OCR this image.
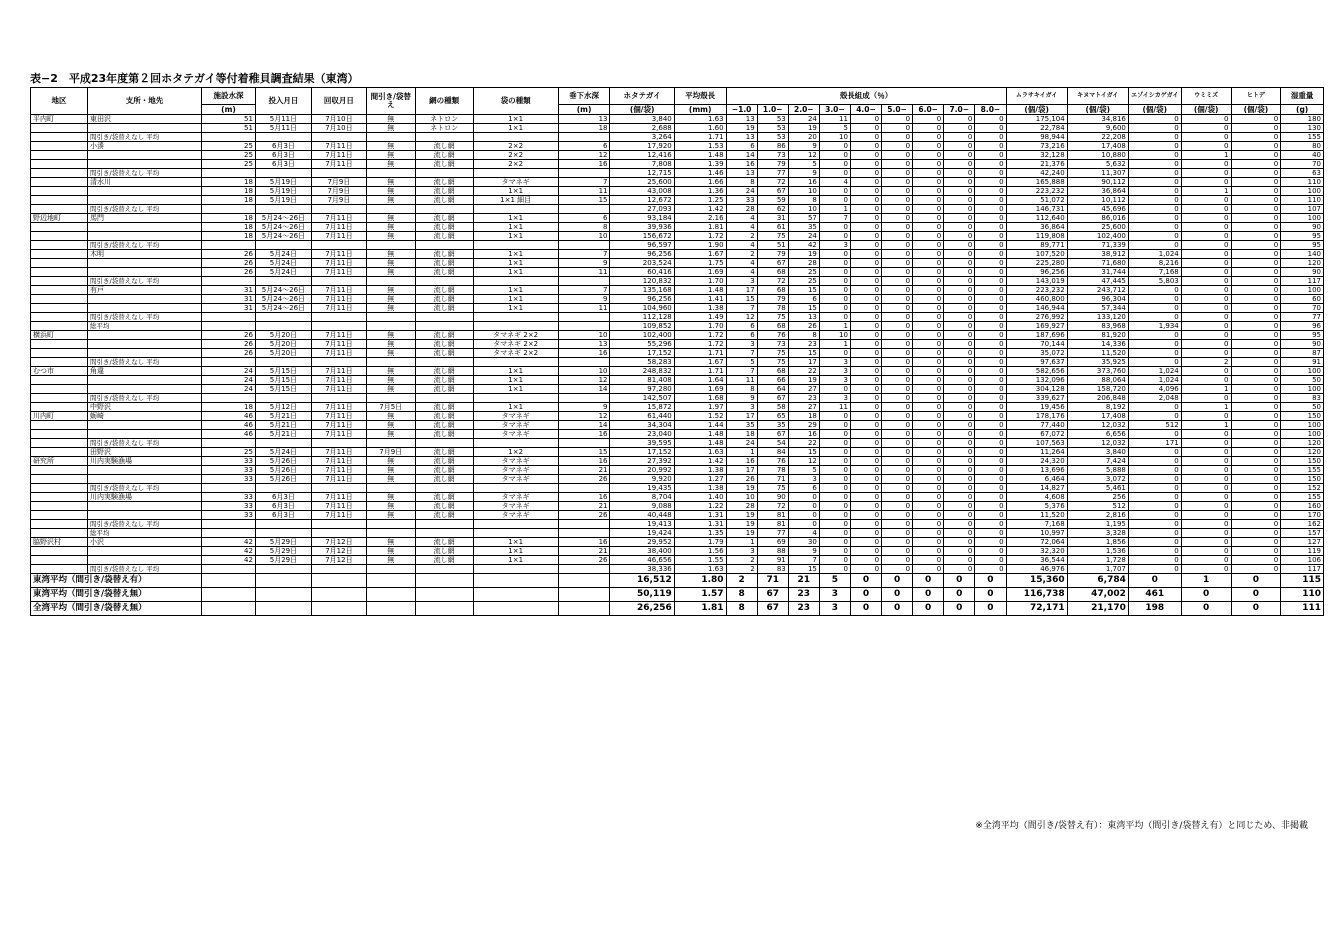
表−2　平成23年度第２回ホタテガイ等付着稚貝調査結果（東湾）
地区	支所・地先	施設水深	投入月日	回収月日	間引き/袋替え	網の種類	袋の種類	垂下水深	ホタテガイ	平均殻長	殻長組成（％）									ムラサキイガイ	キヌマトイガイ	エゾイシカゲガイ	ウミミズ	ヒトデ	湿重量
		(m)						(m)	(個/袋)	(mm)	−1.0	1.0−	2.0−	3.0−	4.0−	5.0−	6.0−	7.0−	8.0−	(個/袋)	(個/袋)	(個/袋)	(個/袋)	(個/袋)	(g)
平内町	東田沢	51	5月11日	7月10日	無	ネトロン	1×1	13	3,840	1.63	13	53	24	11	0	0	0	0	0	175,104	34,816	0	0	0	180
		51	5月11日	7月10日	無	ネトロン	1×1	18	2,688	1.60	19	53	19	5	0	0	0	0	0	22,784	9,600	0	0	0	130
	間引き/袋替えなし 平均								3,264	1.71	13	53	20	10	0	0	0	0	0	98,944	22,208	0	0	0	155
	小湊	25	6月3日	7月11日	無	流し網	2×2	6	17,920	1.53	6	86	9	0	0	0	0	0	0	73,216	17,408	0	0	0	80
		25	6月3日	7月11日	無	流し網	2×2	12	12,416	1.48	14	73	12	0	0	0	0	0	0	32,128	10,880	0	1	0	40
		25	6月3日	7月11日	無	流し網	2×2	16	7,808	1.39	16	79	5	0	0	0	0	0	0	21,376	5,632	0	0	0	70
	間引き/袋替えなし 平均								12,715	1.46	13	77	9	0	0	0	0	0	0	42,240	11,307	0	0	0	63
	清水川	18	5月19日	7月9日	無	流し網	タマネギ	7	25,600	1.66	8	72	16	4	0	0	0	0	0	165,888	90,112	0	0	0	110
		18	5月19日	7月9日	無	流し網	1×1	11	43,008	1.36	24	67	10	0	0	0	0	0	0	223,232	36,864	0	1	0	100
		18	5月19日	7月9日	無	流し網	1×1 細目	15	12,672	1.25	33	59	8	0	0	0	0	0	0	51,072	10,112	0	0	0	110
	間引き/袋替えなし 平均								27,093	1.42	28	62	10	1	0	0	0	0	0	146,731	45,696	0	0	0	107
野辺地町	馬門	18	5月24〜26日	7月11日	無	流し網	1×1	6	93,184	2.16	4	31	57	7	0	0	0	0	0	112,640	86,016	0	0	0	100
		18	5月24〜26日	7月11日	無	流し網	1×1	8	39,936	1.81	4	61	35	0	0	0	0	0	0	36,864	25,600	0	0	0	90
		18	5月24〜26日	7月11日	無	流し網	1×1	10	156,672	1.72	2	75	24	0	0	0	0	0	0	119,808	102,400	0	0	0	95
	間引き/袋替えなし 平均								96,597	1.90	4	51	42	3	0	0	0	0	0	89,771	71,339	0	0	0	95
	木明	26	5月24日	7月11日	無	流し網	1×1	7	96,256	1.67	2	79	19	0	0	0	0	0	0	107,520	38,912	1,024	0	0	140
		26	5月24日	7月11日	無	流し網	1×1	9	203,524	1.75	4	67	28	0	0	0	0	0	0	225,280	71,680	8,216	0	0	120
		26	5月24日	7月11日	無	流し網	1×1	11	60,416	1.69	4	68	25	0	0	0	0	0	0	96,256	31,744	7,168	0	0	90
	間引き/袋替えなし 平均								120,832	1.70	3	72	25	0	0	0	0	0	0	143,019	47,445	5,803	0	0	117
	有戸	31	5月24〜26日	7月11日	無	流し網	1×1	7	135,168	1.48	17	68	15	0	0	0	0	0	0	223,232	243,712	0	0	0	100
		31	5月24〜26日	7月11日	無	流し網	1×1	9	96,256	1.41	15	79	6	0	0	0	0	0	0	460,800	96,304	0	0	0	60
		31	5月24〜26日	7月11日	無	流し網	1×1	11	104,960	1.38	7	78	15	0	0	0	0	0	0	146,944	57,344	0	0	0	70
	間引き/袋替えなし 平均								112,128	1.49	12	75	13	0	0	0	0	0	0	276,992	133,120	0	0	0	77
	総平均								109,852	1.70	6	68	26	1	0	0	0	0	0	169,927	83,968	1,934	0	0	96
横浜町		26	5月20日	7月11日	無	流し網	タマネギ 2×2	10	102,400	1.72	6	76	8	10	0	0	0	0	0	187,696	81,920	0	0	0	95
		26	5月20日	7月11日	無	流し網	タマネギ 2×2	13	55,296	1.72	3	73	23	1	0	0	0	0	0	70,144	14,336	0	0	0	90
		26	5月20日	7月11日	無	流し網	タマネギ 2×2	16	17,152	1.71	7	75	15	0	0	0	0	0	0	35,072	11,520	0	0	0	87
	間引き/袋替えなし 平均								58,283	1.67	5	75	17	3	0	0	0	0	0	97,637	35,925	0	2	0	91
むつ市	角違	24	5月15日	7月11日	無	流し網	1×1	10	248,832	1.71	7	68	22	3	0	0	0	0	0	582,656	373,760	1,024	0	0	100
		24	5月15日	7月11日	無	流し網	1×1	12	81,408	1.64	11	66	19	3	0	0	0	0	0	132,096	88,064	1,024	0	0	50
		24	5月15日	7月11日	無	流し網	1×1	14	97,280	1.69	8	64	27	0	0	0	0	0	0	304,128	158,720	4,096	1	0	100
	間引き/袋替えなし 平均								142,507	1.68	9	67	23	3	0	0	0	0	0	339,627	206,848	2,048	0	0	83
	中野沢	18	5月12日	7月11日	7月5日	流し網	1×1	9	15,872	1.97	3	58	27	11	0	0	0	0	0	19,456	8,192	0	1	0	50
川内町	蛎崎	46	5月21日	7月11日	無	流し網	タマネギ	12	61,440	1.52	17	65	18	0	0	0	0	0	0	178,176	17,408	0	0	0	150
		46	5月21日	7月11日	無	流し網	タマネギ	14	34,304	1.44	35	35	29	0	0	0	0	0	0	77,440	12,032	512	1	0	100
		46	5月21日	7月11日	無	流し網	タマネギ	16	23,040	1.48	18	67	16	0	0	0	0	0	0	67,072	6,656	0	0	0	100
	間引き/袋替えなし 平均								39,595	1.48	24	54	22	0	0	0	0	0	0	107,563	12,032	171	0	0	120
	田野沢	25	5月24日	7月11日	7月9日	流し網	1×2	15	17,152	1.63	1	84	15	0	0	0	0	0	0	11,264	3,840	0	0	0	120
研究所	川内実験漁場	33	5月26日	7月11日	無	流し網	タマネギ	16	27,392	1.42	16	76	12	0	0	0	0	0	0	24,320	7,424	0	0	0	150
		33	5月26日	7月11日	無	流し網	タマネギ	21	20,992	1.38	17	78	5	0	0	0	0	0	0	13,696	5,888	0	0	0	155
		33	5月26日	7月11日	無	流し網	タマネギ	26	9,920	1.27	26	71	3	0	0	0	0	0	0	6,464	3,072	0	0	0	150
	間引き/袋替えなし 平均								19,435	1.38	19	75	6	0	0	0	0	0	0	14,827	5,461	0	0	0	152
	川内実験漁場	33	6月3日	7月11日	無	流し網	タマネギ	16	8,704	1.40	10	90	0	0	0	0	0	0	0	4,608	256	0	0	0	155
		33	6月3日	7月11日	無	流し網	タマネギ	21	9,088	1.22	28	72	0	0	0	0	0	0	0	5,376	512	0	0	0	160
		33	6月3日	7月11日	無	流し網	タマネギ	26	40,448	1.31	19	81	0	0	0	0	0	0	0	11,520	2,816	0	0	0	170
	間引き/袋替えなし 平均								19,413	1.31	19	81	0	0	0	0	0	0	0	7,168	1,195	0	0	0	162
	総平均								19,424	1.35	19	77	4	0	0	0	0	0	0	10,997	3,328	0	0	0	157
脇野沢村	小沢	42	5月29日	7月12日	無	流し網	1×1	16	29,952	1.79	1	69	30	0	0	0	0	0	0	72,064	1,856	0	0	0	127
		42	5月29日	7月12日	無	流し網	1×1	21	38,400	1.56	3	88	9	0	0	0	0	0	0	32,320	1,536	0	0	0	119
		42	5月29日	7月12日	無	流し網	1×1	26	46,656	1.55	2	91	7	0	0	0	0	0	0	36,544	1,728	0	0	0	106
	間引き/袋替えなし 平均								38,336	1.63	2	83	15	0	0	0	0	0	0	46,976	1,707	0	0	0	117
東湾平均（間引き/袋替え有）									16,512	1.80	2	71	21	5	0	0	0	0	0	15,360	6,784	0	1	0	115
東湾平均（間引き/袋替え無）									50,119	1.57	8	67	23	3	0	0	0	0	0	116,738	47,002	461	0	0	110
全湾平均（間引き/袋替え無）									26,256	1.81	8	67	23	3	0	0	0	0	0	72,171	21,170	198	0	0	111
※全湾平均（間引き/袋替え有）：東湾平均（間引き/袋替え有）と同じため、非掲載
